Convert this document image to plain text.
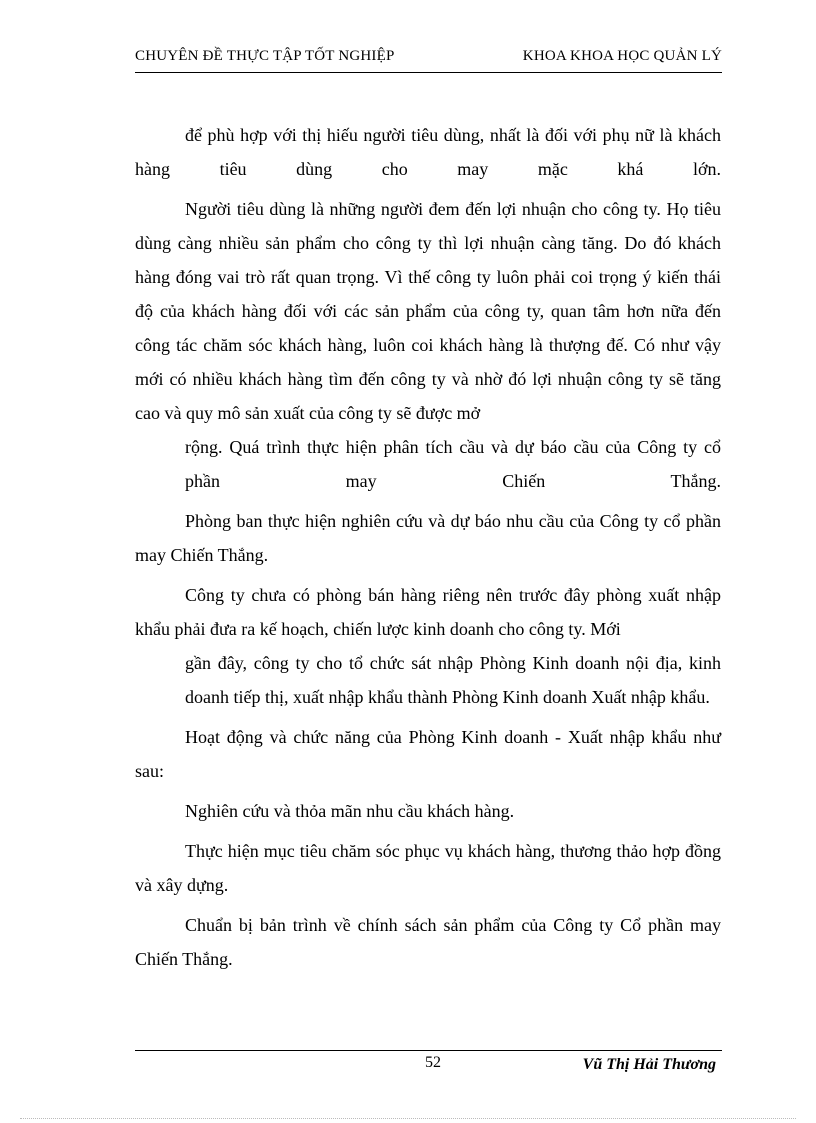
CHUYÊN ĐỀ THỰC TẬP TỐT NGHIỆP	KHOA KHOA HỌC QUẢN LÝ

để phù hợp với thị hiếu người tiêu dùng, nhất là đối với phụ nữ là khách hàng tiêu dùng cho may mặc khá lớn.

Người tiêu dùng là những người đem đến lợi nhuận cho công ty. Họ tiêu dùng càng nhiều sản phẩm cho công ty thì lợi nhuận càng tăng. Do đó khách hàng đóng vai trò rất quan trọng. Vì thế công ty luôn phải coi trọng ý kiến thái độ của khách hàng đối với các sản phẩm của công ty, quan tâm hơn nữa đến công tác chăm sóc khách hàng, luôn coi khách hàng là thượng đế. Có như vậy mới có nhiều khách hàng tìm đến công ty và nhờ đó lợi nhuận công ty sẽ tăng cao và quy mô sản xuất của công ty sẽ được mở

rộng. Quá trình thực hiện phân tích cầu và dự báo cầu của Công ty cổ phần may Chiến Thắng.

Phòng ban thực hiện nghiên cứu và dự báo nhu cầu của Công ty cổ phần may Chiến Thắng.

Công ty chưa có phòng bán hàng riêng nên trước đây phòng xuất nhập khẩu phải đưa ra kế hoạch, chiến lược kinh doanh cho công ty. Mới

gần đây, công ty cho tổ chức sát nhập Phòng Kinh doanh nội địa, kinh doanh tiếp thị, xuất nhập khẩu thành Phòng Kinh doanh Xuất nhập khẩu.

Hoạt động và chức năng của Phòng Kinh doanh - Xuất nhập khẩu như sau:

Nghiên cứu và thỏa mãn nhu cầu khách hàng.

Thực hiện mục tiêu chăm sóc phục vụ khách hàng, thương thảo hợp đồng và xây dựng.

Chuẩn bị bản trình về chính sách sản phẩm của Công ty Cổ phần may Chiến Thắng.

52	Vũ Thị Hải Thương
